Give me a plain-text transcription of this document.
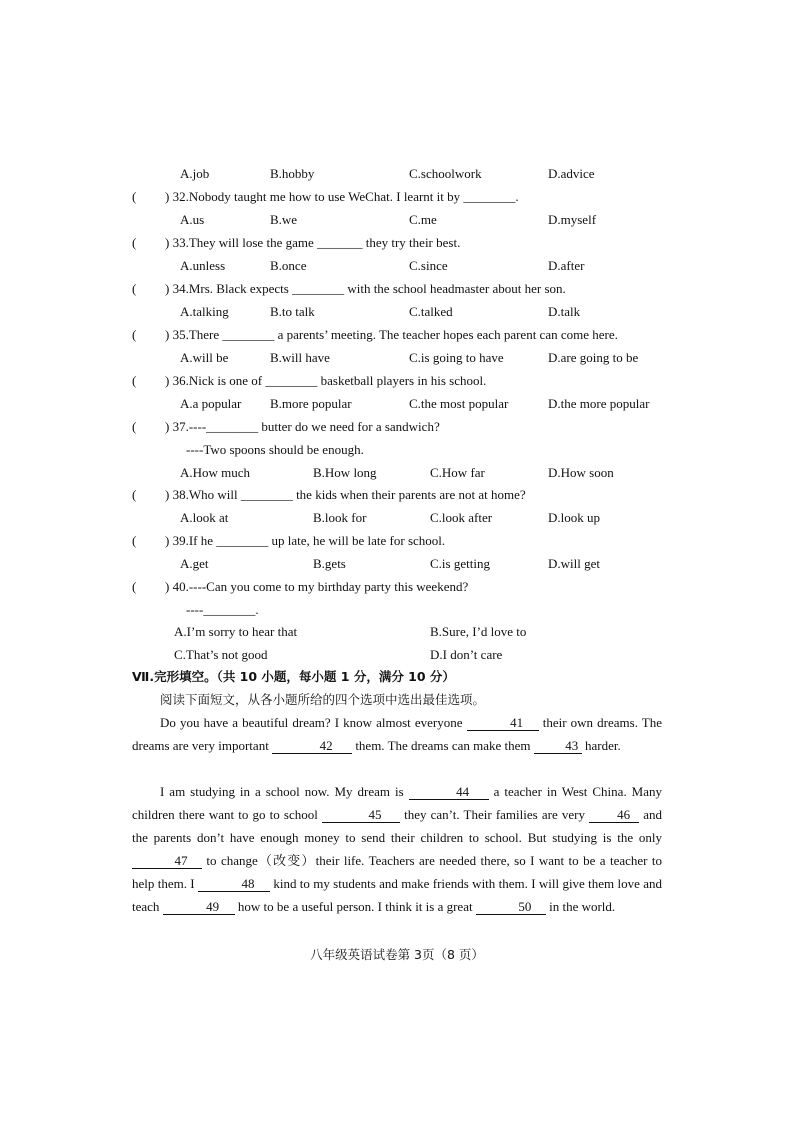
A.job	B.hobby	C.schoolwork	D.advice
( ) 32.Nobody taught me how to use WeChat. I learnt it by ________.
A.us	B.we	C.me	D.myself
( ) 33.They will lose the game _______ they try their best.
A.unless	B.once	C.since	D.after
( ) 34.Mrs. Black expects ________ with the school headmaster about her son.
A.talking	B.to talk	C.talked	D.talk
( ) 35.There ________ a parents’ meeting. The teacher hopes each parent can come here.
A.will be	B.will have	C.is going to have	D.are going to be
( ) 36.Nick is one of ________ basketball players in his school.
A.a popular B.more popular	C.the most popular	D.the more popular
( ) 37.----________ butter do we need for a sandwich?
----Two spoons should be enough.
A.How much	B.How long	C.How far	D.How soon
( ) 38.Who will ________ the kids when their parents are not at home?
A.look at	B.look for	C.look after	D.look up
( ) 39.If he ________ up late, he will be late for school.
A.get	B.gets	C.is getting	D.will get
( ) 40.----Can you come to my birthday party this weekend?
----________.
A.I’m sorry to hear that	B.Sure, I’d love to
C.That’s not good	D.I don’t care
Ⅶ.完形填空。（共 10 小题，每小题 1 分，满分 10 分）
阅读下面短文，从各小题所给的四个选项中选出最佳选项。
Do you have a beautiful dream? I know almost everyone	41 their own dreams. The dreams are very important	42 them. The dreams can make them	43 harder.
I am studying in a school now. My dream is	44 a teacher in West China. Many children there want to go to school	45 they can’t. Their families are very 46 and the parents don’t have enough money to send their children to school. But studying is the only 47 to change（改变）their life. Teachers are needed there, so I want to be a teacher to help them. I	48 kind to my students and make friends with them. I will give them love and teach	49 how to be a useful person. I think it is a great	50 in the world.
八年级英语试卷第 3页（8 页）
